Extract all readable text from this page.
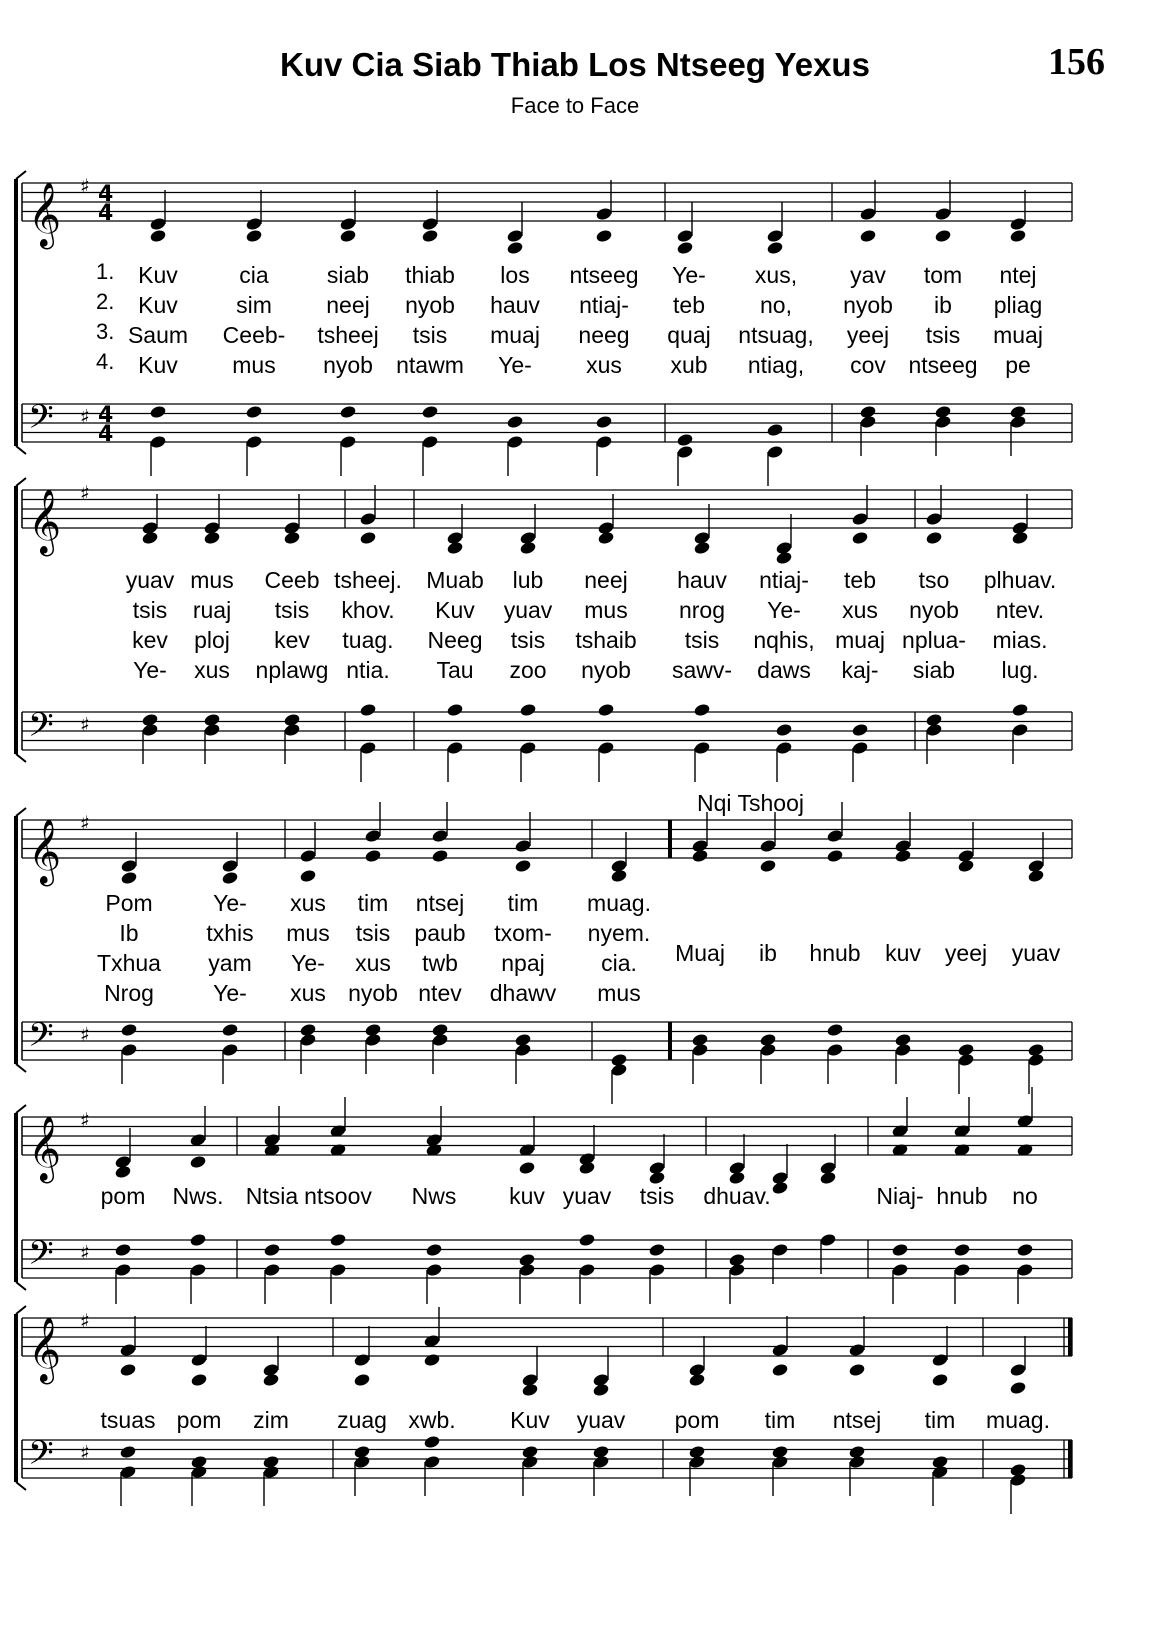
Kuv Cia Siab Thiab Los Ntseeg Yexus
Face to Face
156
Kuv	cia	siab thiab los ntseeg Ye- xus, yav tom ntej
Kuv	sim neej nyob hauv ntiaj- teb no, nyob ib pliag
Saum Ceeb- tsheej tsis muaj neeg quaj ntsuag, yeej tsis muaj
Kuv mus nyob ntawm Ye- xus xub ntiag, cov ntseeg pe
1.
2.
3.
4.
yuav mus Ceeb tsheej. Muab lub neej hauv ntiaj- teb tso plhuav.
tsis ruaj tsis khov. Kuv yuav mus nrog Ye- xus nyob ntev.
kev ploj kev tuag. Neeg tsis tshaib tsis nqhis, muaj nplua- mias.
Ye- xus nplawg ntia. Tau zoo nyob sawv- daws kaj- siab lug.
Pom	Ye- xus tim ntsej tim muag.
Ib	txhis mus tsis paub txom- nyem.
Txhua yam Ye- xus twb npaj cia.
Nrog	Ye- xus nyob ntev dhawv mus
Muaj ib hnub kuv yeej yuav
Nqi Tshooj
pom Nws. Ntsia ntsoov Nws kuv yuav tsis dhuav.	Niaj- hnub no
tsuas pom zim zuag xwb. Kuv yuav pom tim ntsej tim muag.
𝄞 ♯ 4
4
𝄢 ♯ 4
4
𝄞 ♯
𝄢 ♯
𝄞 ♯
𝄢 ♯
𝄞 ♯
𝄢 ♯
𝄞 ♯
𝄢 ♯
